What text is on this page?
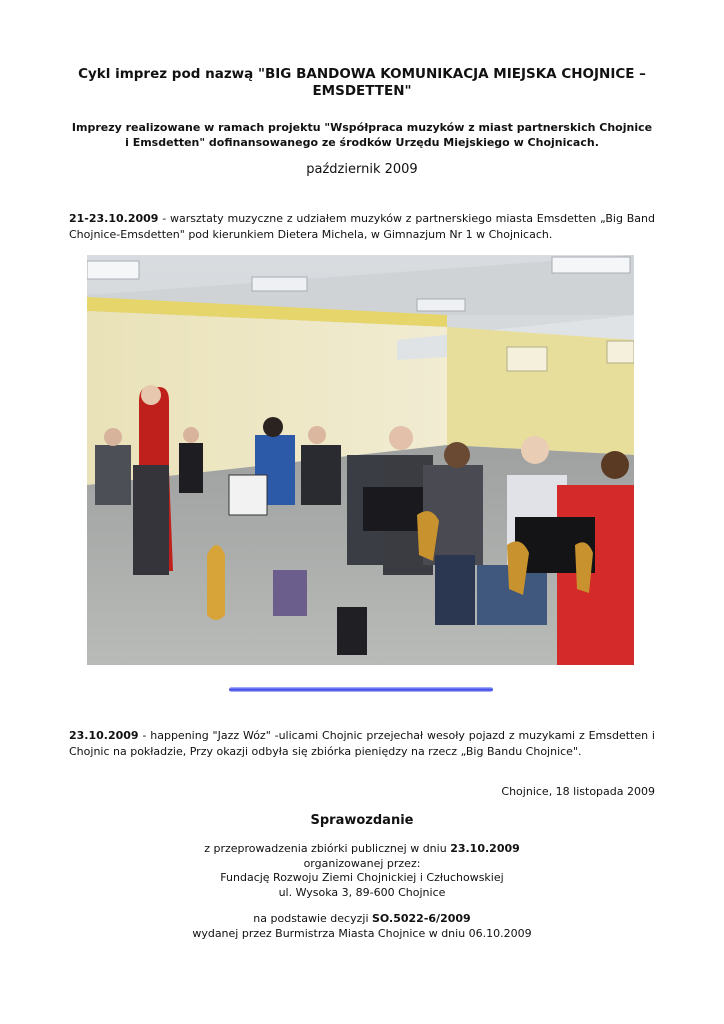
Cykl imprez pod nazwą "BIG BANDOWA KOMUNIKACJA MIEJSKA CHOJNICE – EMSDETTEN"
Imprezy realizowane w ramach projektu "Współpraca muzyków z miast partnerskich Chojnice i Emsdetten" dofinansowanego ze środków Urzędu Miejskiego w Chojnicach.
październik 2009
21-23.10.2009 - warsztaty muzyczne z udziałem muzyków z partnerskiego miasta Emsdetten „Big Band Chojnice-Emsdetten" pod kierunkiem Dietera Michela, w Gimnazjum Nr 1 w Chojnicach.
23.10.2009 - happening "Jazz Wóz" -ulicami Chojnic przejechał wesoły pojazd z muzykami z Emsdetten i Chojnic na pokładzie, Przy okazji odbyła się zbiórka pieniędzy na rzecz „Big Bandu Chojnice".
Chojnice, 18 listopada 2009
Sprawozdanie
z przeprowadzenia zbiórki publicznej w dniu 23.10.2009
organizowanej przez:
Fundację Rozwoju Ziemi Chojnickiej i Człuchowskiej
ul. Wysoka 3, 89-600 Chojnice
na podstawie decyzji SO.5022-6/2009
wydanej przez Burmistrza Miasta Chojnice w dniu 06.10.2009
